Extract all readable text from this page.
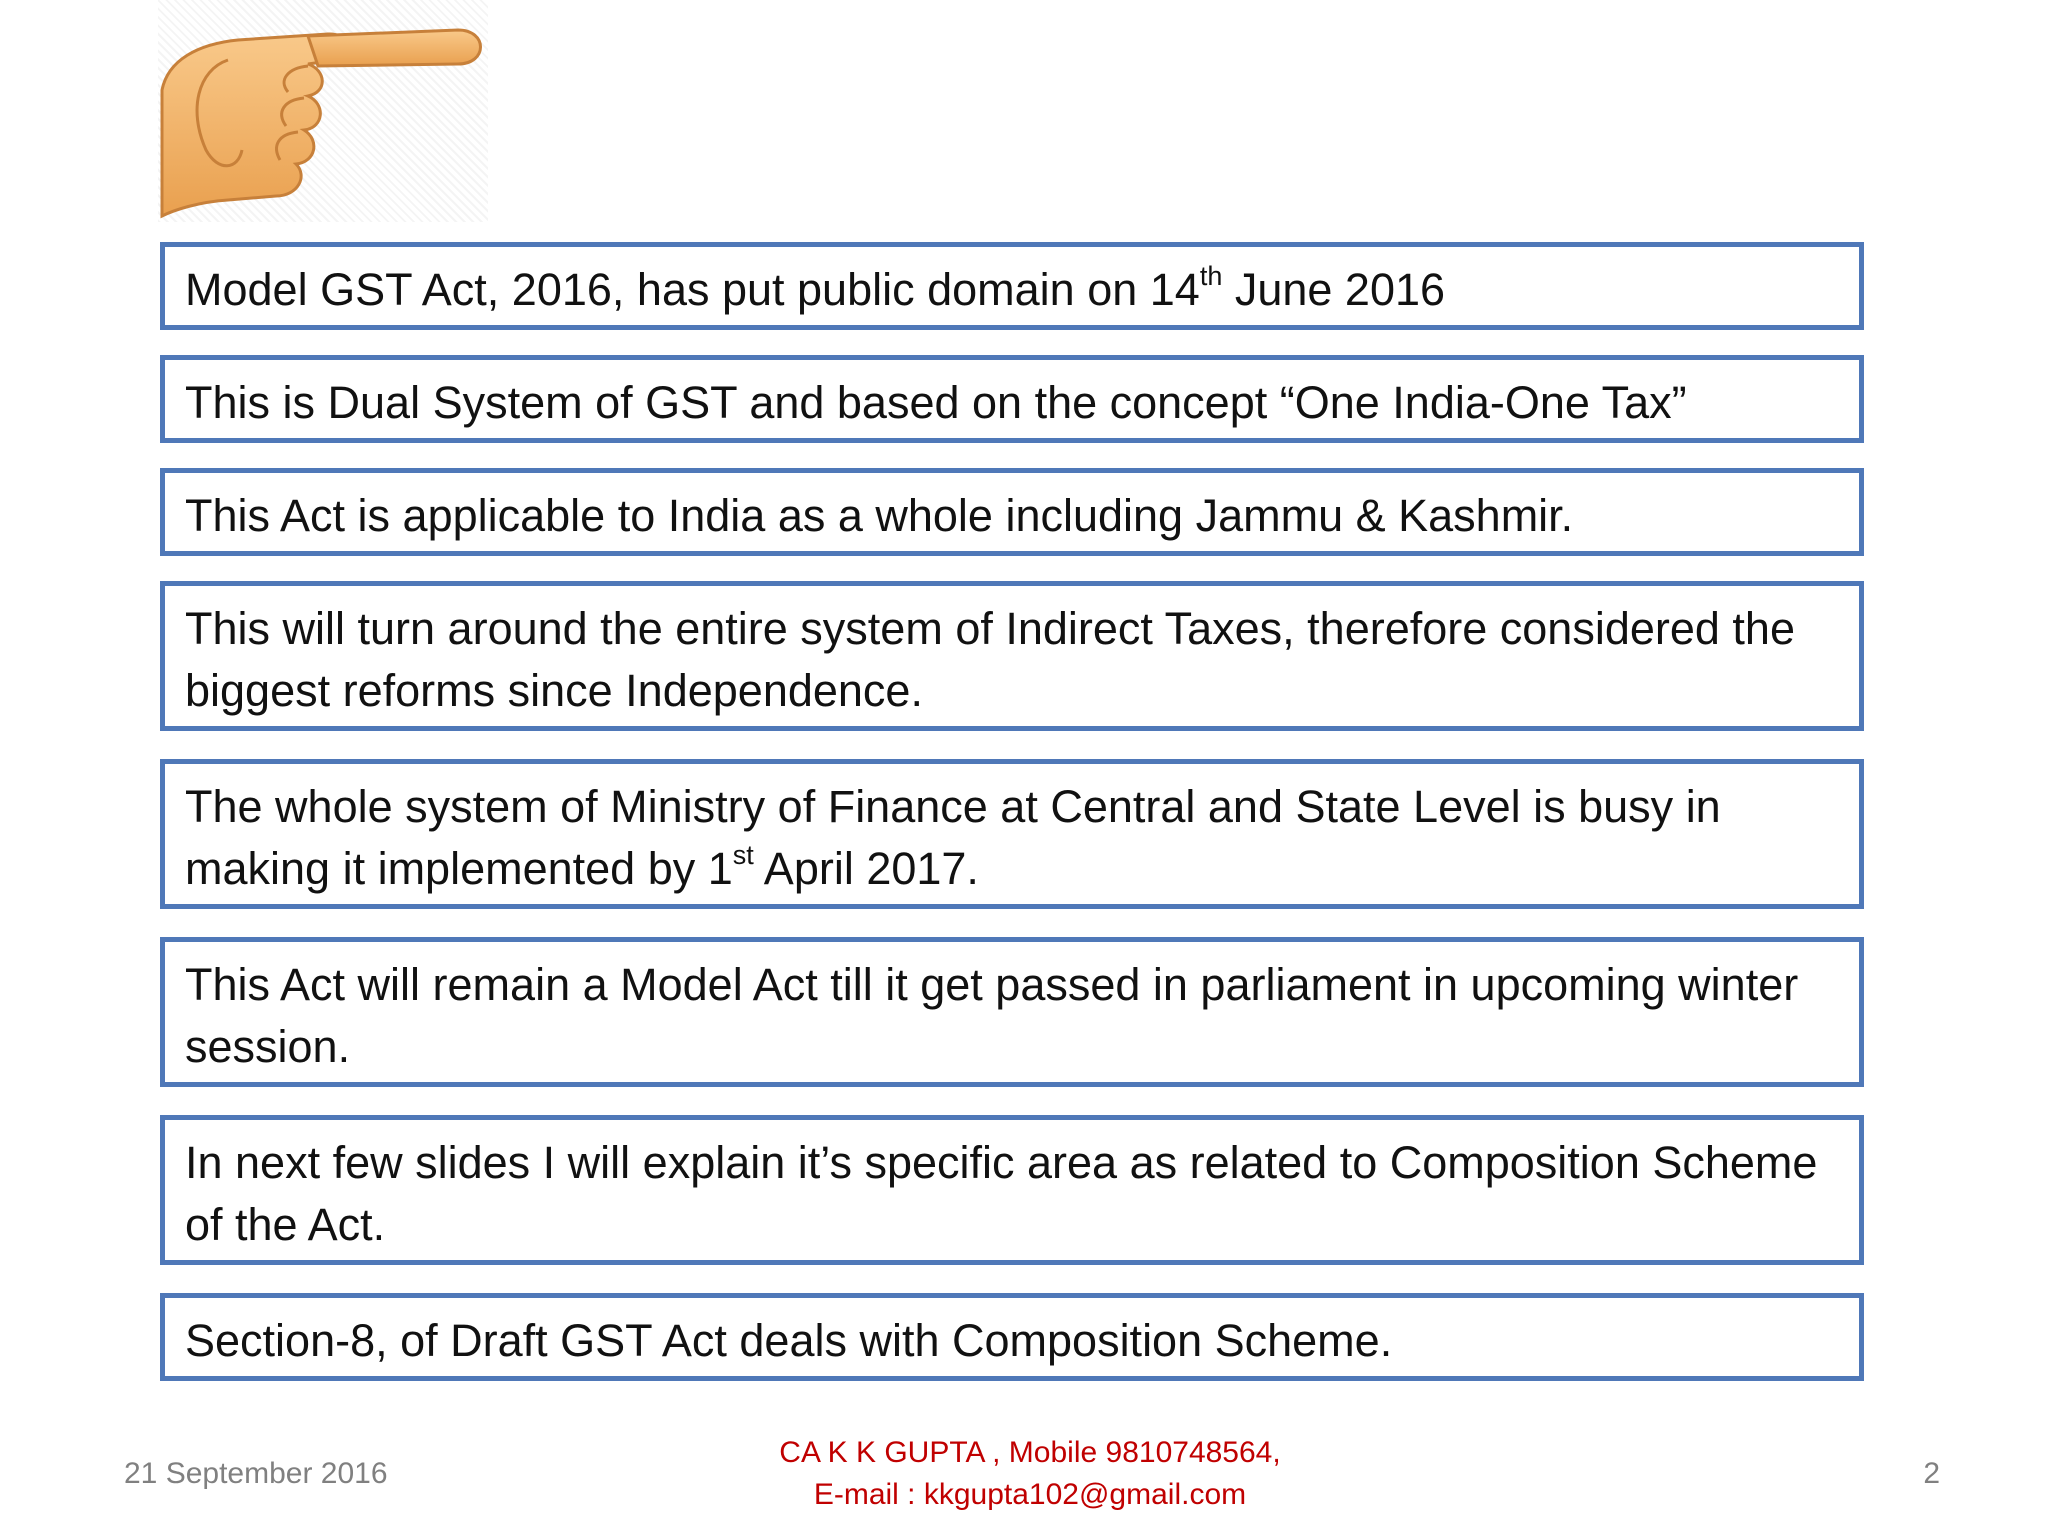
Model GST Act, 2016, has put public domain on 14th June 2016
This is Dual System of GST and based on the concept “One India-One Tax”
This Act is applicable to India as a whole including Jammu & Kashmir.
This will turn around the entire system of Indirect Taxes, therefore considered the biggest reforms since Independence.
The whole system of Ministry of Finance at Central and State Level is busy in making it implemented by 1st April 2017.
This Act will remain a Model Act till it get passed in parliament in upcoming winter session.
In next few slides I will explain it’s specific area as related to Composition Scheme of the Act.
Section-8, of Draft GST Act deals with Composition Scheme.
21 September 2016
CA K K GUPTA , Mobile 9810748564,
E-mail : kkgupta102@gmail.com
2
